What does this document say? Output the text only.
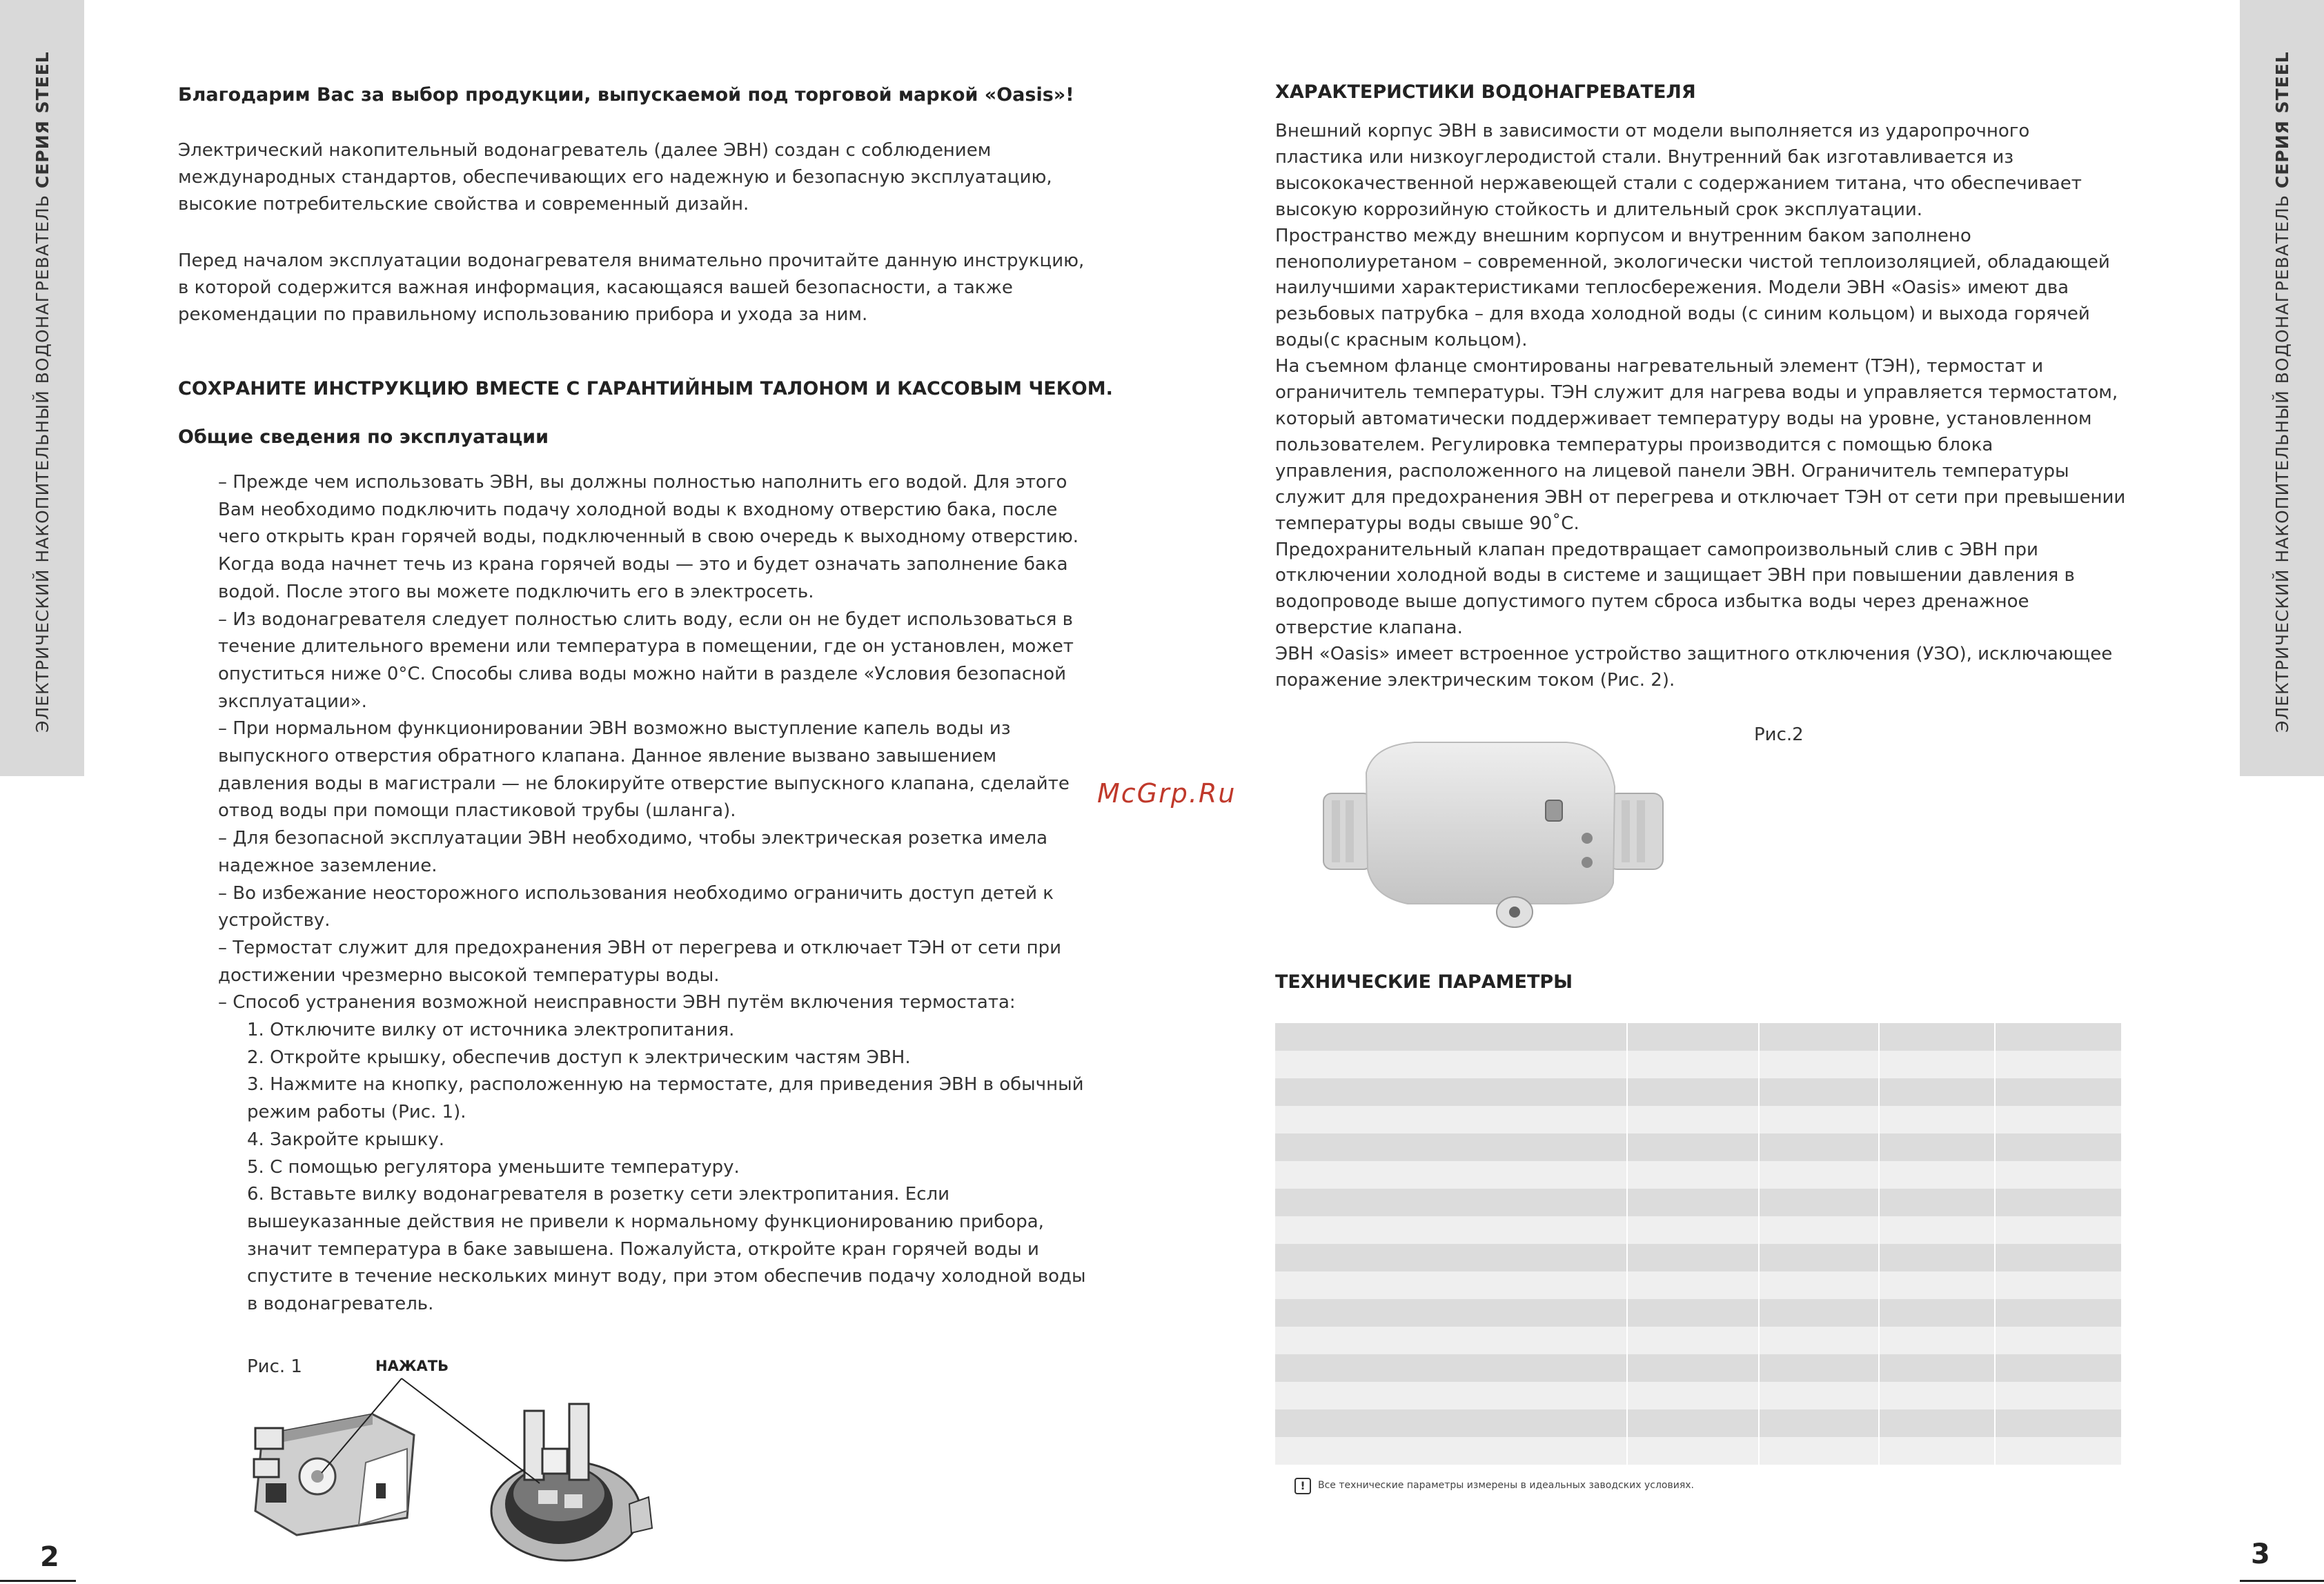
ЭЛЕКТРИЧЕСКИЙ НАКОПИТЕЛЬНЫЙ ВОДОНАГРЕВАТЕЛЬ СЕРИЯ STEEL
ЭЛЕКТРИЧЕСКИЙ НАКОПИТЕЛЬНЫЙ ВОДОНАГРЕВАТЕЛЬ СЕРИЯ STEEL
2	3
Благодарим Вас за выбор продукции, выпускаемой под торговой маркой «Oasis»!
Электрический накопительный водонагреватель (далее ЭВН) создан с соблюдением
международных стандартов, обеспечивающих его надежную и безопасную эксплуатацию,
высокие потребительские свойства и современный дизайн.
Перед началом эксплуатации водонагревателя внимательно прочитайте данную инструкцию,
в которой содержится важная информация, касающаяся вашей безопасности, а также
рекомендации по правильному использованию прибора и ухода за ним.
СОХРАНИТЕ ИНСТРУКЦИЮ ВМЕСТЕ С ГАРАНТИЙНЫМ ТАЛОНОМ И КАССОВЫМ ЧЕКОМ.
Общие сведения по эксплуатации
– Прежде чем использовать ЭВН, вы должны полностью наполнить его водой. Для этого
Вам необходимо подключить подачу холодной воды к входному отверстию бака, после
чего открыть кран горячей воды, подключенный в свою очередь к выходному отверстию.
Когда вода начнет течь из крана горячей воды — это и будет означать заполнение бака
водой. После этого вы можете подключить его в электросеть.
– Из водонагревателя следует полностью слить воду, если он не будет использоваться в
течение длительного времени или температура в помещении, где он установлен, может
опуститься ниже 0°С. Способы слива воды можно найти в разделе «Условия безопасной
эксплуатации».
– При нормальном функционировании ЭВН возможно выступление капель воды из
выпускного отверстия обратного клапана. Данное явление вызвано завышением
давления воды в магистрали — не блокируйте отверстие выпускного клапана, сделайте
отвод воды при помощи пластиковой трубы (шланга).
– Для безопасной эксплуатации ЭВН необходимо, чтобы электрическая розетка имела
надежное заземление.
– Во избежание неосторожного использования необходимо ограничить доступ детей к
устройству.
– Термостат служит для предохранения ЭВН от перегрева и отключает ТЭН от сети при
достижении чрезмерно высокой температуры воды.
– Способ устранения возможной неисправности ЭВН путём включения термостата:
1. Отключите вилку от источника электропитания.
2. Откройте крышку, обеспечив доступ к электрическим частям ЭВН.
3. Нажмите на кнопку, расположенную на термостате, для приведения ЭВН в обычный
режим работы (Рис. 1).
4. Закройте крышку.
5. С помощью регулятора уменьшите температуру.
6. Вставьте вилку водонагревателя в розетку сети электропитания. Если
вышеуказанные действия не привели к нормальному функционированию прибора,
значит температура в баке завышена. Пожалуйста, откройте кран горячей воды и
спустите в течение нескольких минут воду, при этом обеспечив подачу холодной воды
в водонагреватель.
Рис. 1	НАЖАТЬ
McGrp.Ru
ХАРАКТЕРИСТИКИ ВОДОНАГРЕВАТЕЛЯ
Внешний корпус ЭВН в зависимости от модели выполняется из ударопрочного
пластика или низкоуглеродистой стали. Внутренний бак изготавливается из
высококачественной нержавеющей стали с содержанием титана, что обеспечивает
высокую коррозийную стойкость и длительный срок эксплуатации.
Пространство между внешним корпусом и внутренним баком заполнено
пенополиуретаном – современной, экологически чистой теплоизоляцией, обладающей
наилучшими характеристиками теплосбережения. Модели ЭВН «Oasis» имеют два
резьбовых патрубка – для входа холодной воды (с синим кольцом) и выхода горячей
воды(с красным кольцом).
На съемном фланце смонтированы нагревательный элемент (ТЭН), термостат и
ограничитель температуры. ТЭН служит для нагрева воды и управляется термостатом,
который автоматически поддерживает температуру воды на уровне, установленном
пользователем. Регулировка температуры производится с помощью блока
управления, расположенного на лицевой панели ЭВН. Ограничитель температуры
служит для предохранения ЭВН от перегрева и отключает ТЭН от сети при превышении
температуры воды свыше 90˚С.
Предохранительный клапан предотвращает самопроизвольный слив с ЭВН при
отключении холодной воды в системе и защищает ЭВН при повышении давления в
водопроводе выше допустимого путем сброса избытка воды через дренажное
отверстие клапана.
ЭВН «Oasis» имеет встроенное устройство защитного отключения (УЗО), исключающее
поражение электрическим током (Рис. 2).
Рис.2
ТЕХНИЧЕСКИЕ ПАРАМЕТРЫ

!	Все технические параметры измерены в идеальных заводских условиях.
